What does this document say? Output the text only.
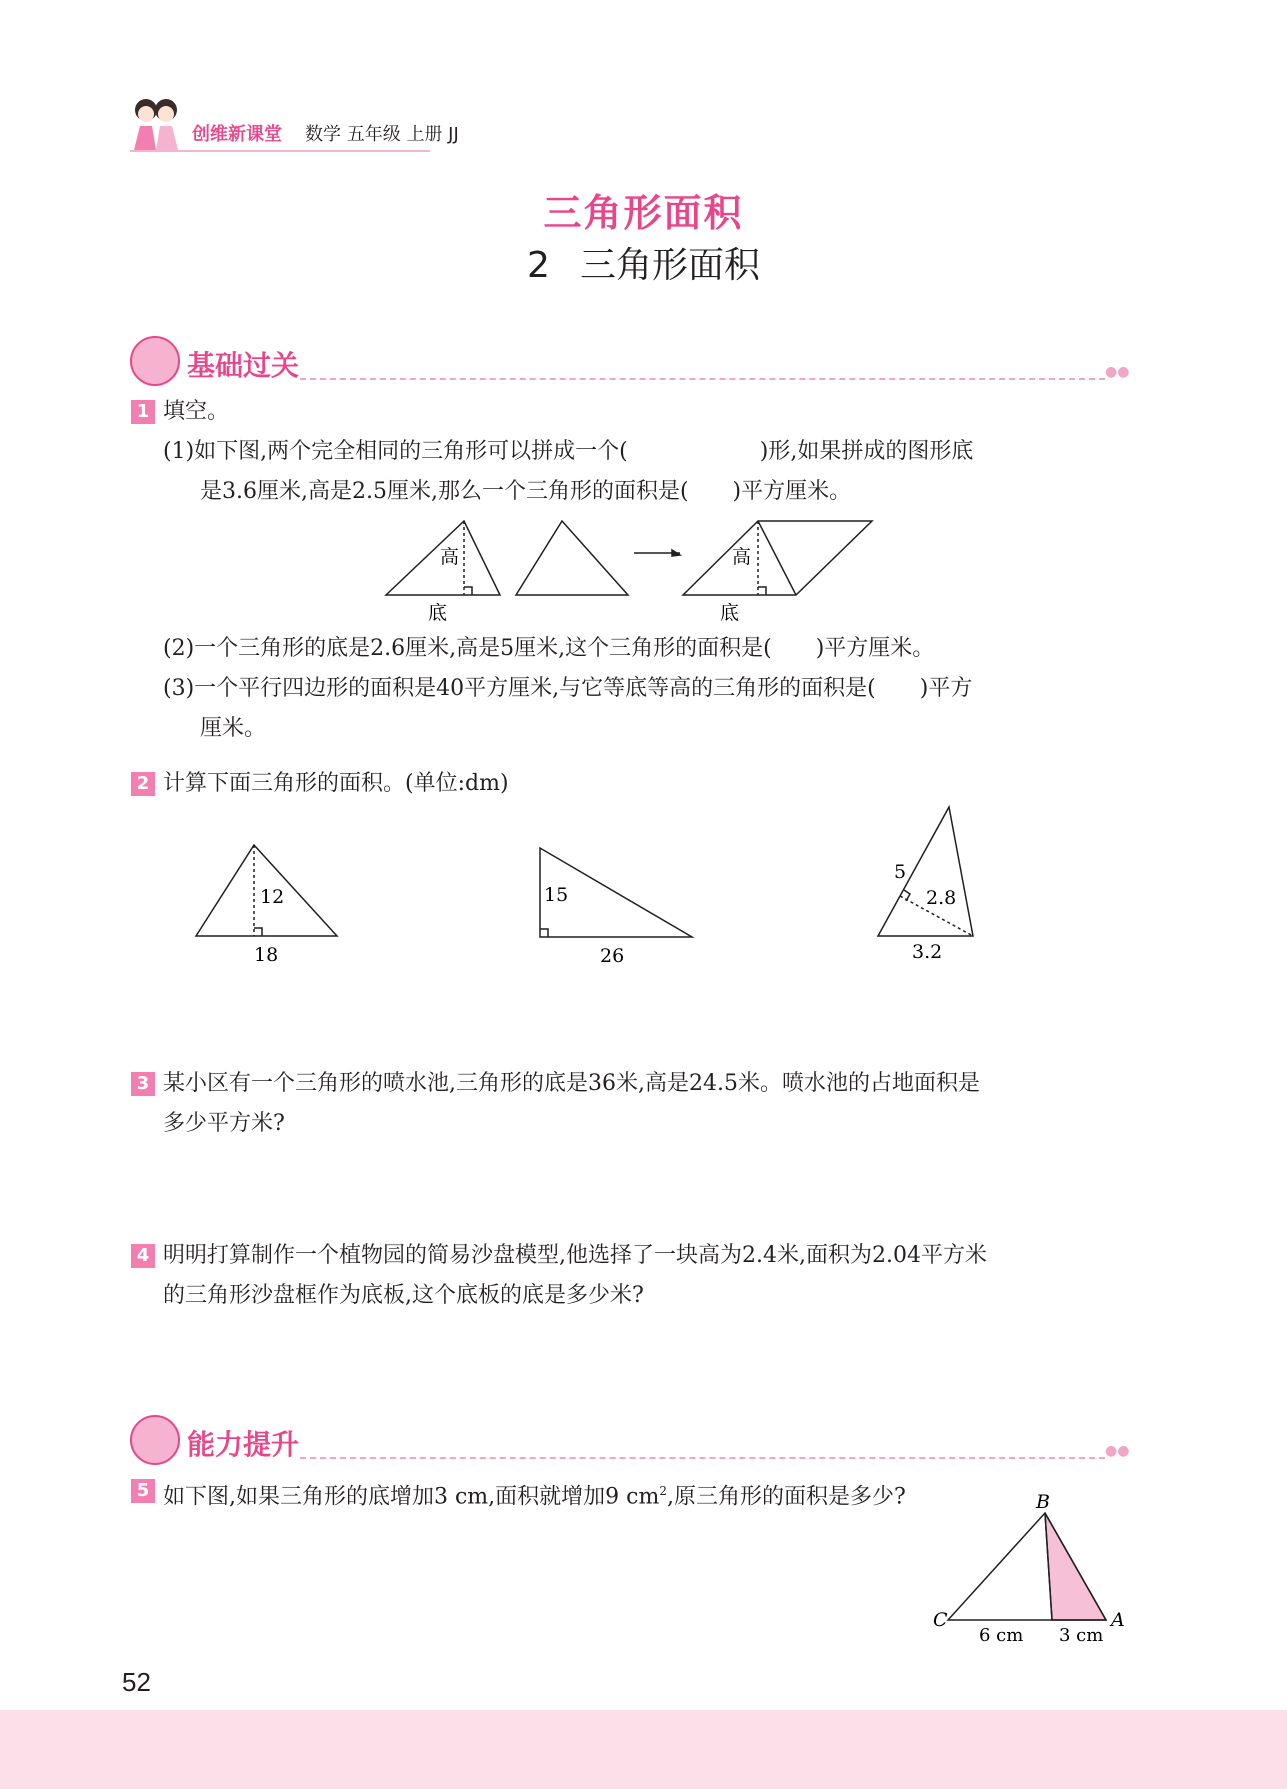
创维新课堂 数学 五年级 上册 JJ
三角形面积
2 三角形面积
基础过关	●●
1 填空。
(1)如下图,两个完全相同的三角形可以拼成一个(　　　　　　)形,如果拼成的图形底
是3.6厘米,高是2.5厘米,那么一个三角形的面积是(　　)平方厘米。
高
底
高
底
(2)一个三角形的底是2.6厘米,高是5厘米,这个三角形的面积是(　　)平方厘米。
(3)一个平行四边形的面积是40平方厘米,与它等底等高的三角形的面积是(　　)平方
厘米。
2 计算下面三角形的面积。(单位:dm)
12
18
15
26
5
2.8
3.2
3 某小区有一个三角形的喷水池,三角形的底是36米,高是24.5米。喷水池的占地面积是
多少平方米?
4 明明打算制作一个植物园的简易沙盘模型,他选择了一块高为2.4米,面积为2.04平方米
的三角形沙盘框作为底板,这个底板的底是多少米?
能力提升	●●
5 如下图,如果三角形的底增加3 cm,面积就增加9 $cm^2$,原三角形的面积是多少?	B
C	A
6 cm 3 cm
52
